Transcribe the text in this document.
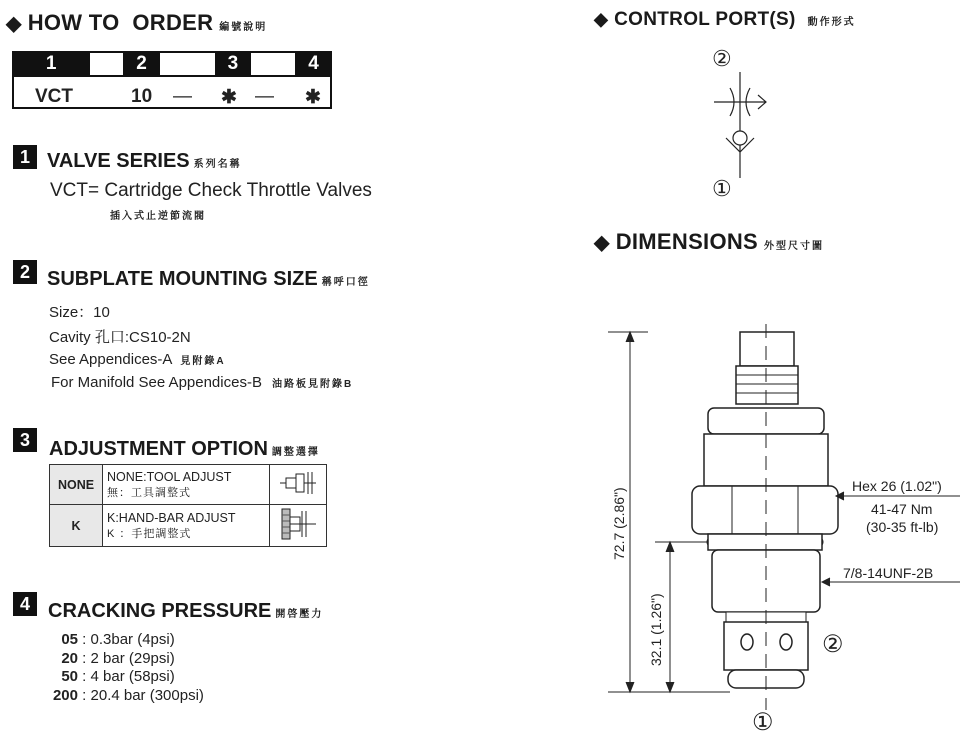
◆ HOW TO  ORDER 編號說明
1		2		3		4

VCT	10 — ✱ — ✱
1 VALVE SERIES 系列名稱
VCT= Cartridge Check Throttle Valves
插入式止逆節流閥
2 SUBPLATE MOUNTING SIZE 稱呼口徑
Size：10
Cavity 孔口:CS10-2N
See Appendices-A 見附錄A
For Manifold See Appendices-B 油路板見附錄B
3 ADJUSTMENT OPTION 調整選擇
NONE	NONE:TOOL ADJUST
無：工具調整式

K	K:HAND-BAR ADJUST
K ：手把調整式

4 CRACKING PRESSURE 開啓壓力
05 : 0.3bar (4psi)
20 : 2 bar (29psi)
50 : 4 bar (58psi)
200 : 20.4 bar (300psi)
◆ CONTROL PORT(S) 動作形式
②
①
◆ DIMENSIONS 外型尺寸圖
72.7 (2.86")
32.1 (1.26")
Hex 26 (1.02")
41-47 Nm
(30-35 ft-lb)
7/8-14UNF-2B
②
①
